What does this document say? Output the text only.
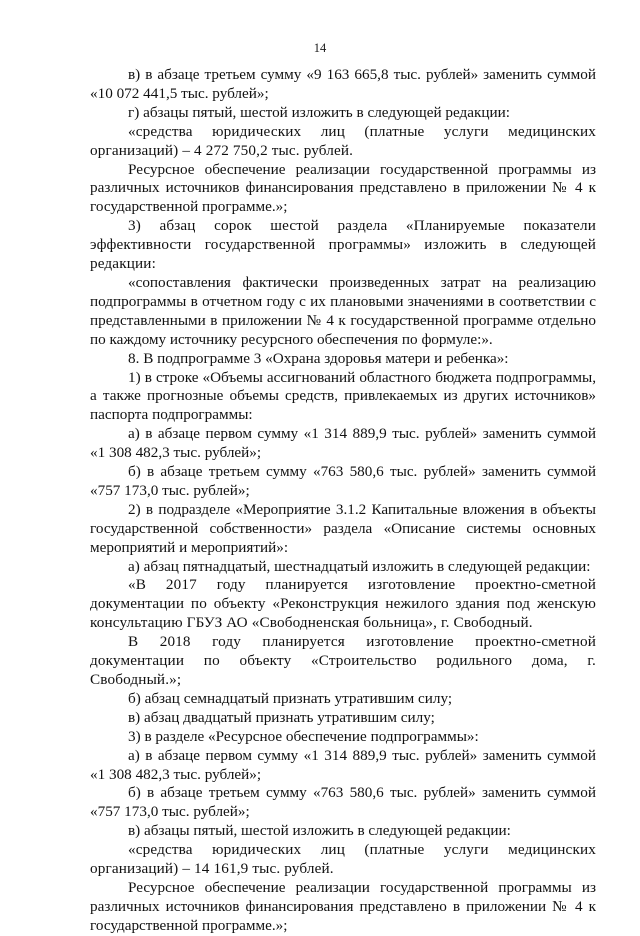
14

в) в абзаце третьем сумму «9 163 665,8 тыс. рублей» заменить суммой «10 072 441,5 тыс. рублей»;

г) абзацы пятый, шестой изложить в следующей редакции:

«средства юридических лиц (платные услуги медицинских организаций) – 4 272 750,2 тыс. рублей.

Ресурсное обеспечение реализации государственной программы из различных источников финансирования представлено в приложении № 4 к государственной программе.»;

3) абзац сорок шестой раздела «Планируемые показатели эффективности государственной программы» изложить в следующей редакции:

«сопоставления фактически произведенных затрат на реализацию подпрограммы в отчетном году с их плановыми значениями в соответствии с представленными в приложении № 4 к государственной программе отдельно по каждому источнику ресурсного обеспечения по формуле:».

8. В подпрограмме 3 «Охрана здоровья матери и ребенка»:

1) в строке «Объемы ассигнований областного бюджета подпрограммы, а также прогнозные объемы средств, привлекаемых из других источников» паспорта подпрограммы:

а) в абзаце первом сумму «1 314 889,9 тыс. рублей» заменить суммой «1 308 482,3 тыс. рублей»;

б) в абзаце третьем сумму «763 580,6 тыс. рублей» заменить суммой «757 173,0 тыс. рублей»;

2) в подразделе «Мероприятие 3.1.2 Капитальные вложения в объекты государственной собственности» раздела «Описание системы основных мероприятий и мероприятий»:

а) абзац пятнадцатый, шестнадцатый изложить в следующей редакции:

«В 2017 году планируется изготовление проектно-сметной документации по объекту «Реконструкция нежилого здания под женскую консультацию ГБУЗ АО «Свободненская больница», г. Свободный.

В 2018 году планируется изготовление проектно-сметной документации по объекту «Строительство родильного дома, г. Свободный.»;

б) абзац семнадцатый признать утратившим силу;

в) абзац двадцатый признать утратившим силу;

3) в разделе «Ресурсное обеспечение подпрограммы»:

а) в абзаце первом сумму «1 314 889,9 тыс. рублей» заменить суммой «1 308 482,3 тыс. рублей»;

б) в абзаце третьем сумму «763 580,6 тыс. рублей» заменить суммой «757 173,0 тыс. рублей»;

в) абзацы пятый, шестой изложить в следующей редакции:

«средства юридических лиц (платные услуги медицинских организаций) – 14 161,9 тыс. рублей.

Ресурсное обеспечение реализации государственной программы из различных источников финансирования представлено в приложении № 4 к государственной программе.»;
